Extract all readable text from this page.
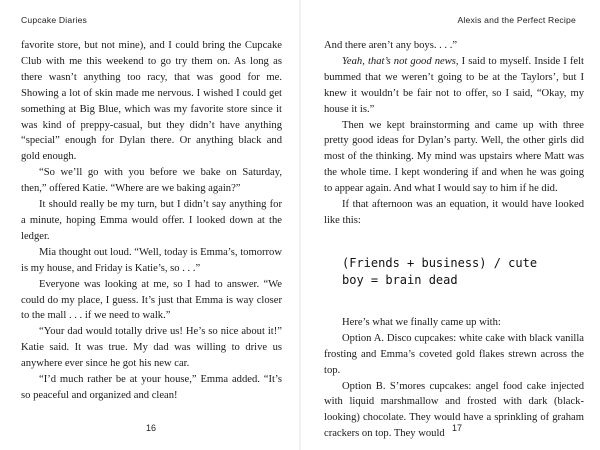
Cupcake Diaries

favorite store, but not mine), and I could bring the Cupcake Club with me this weekend to go try them on. As long as there wasn’t anything too racy, that was good for me. Showing a lot of skin made me nervous. I wished I could get something at Big Blue, which was my favorite store since it was kind of preppy-casual, but they didn’t have anything “special” enough for Dylan there. Or anything black and gold enough.

“So we’ll go with you before we bake on Saturday, then,” offered Katie. “Where are we baking again?”

It should really be my turn, but I didn’t say anything for a minute, hoping Emma would offer. I looked down at the ledger.

Mia thought out loud. “Well, today is Emma’s, tomorrow is my house, and Friday is Katie’s, so . . .”

Everyone was looking at me, so I had to answer. “We could do my place, I guess. It’s just that Emma is way closer to the mall . . . if we need to walk.”

“Your dad would totally drive us! He’s so nice about it!” Katie said. It was true. My dad was willing to drive us anywhere ever since he got his new car.

“I’d much rather be at your house,” Emma added. “It’s so peaceful and organized and clean!

16
Alexis and the Perfect Recipe

And there aren’t any boys. . . .”

Yeah, that’s not good news, I said to myself. Inside I felt bummed that we weren’t going to be at the Taylors’, but I knew it wouldn’t be fair not to offer, so I said, “Okay, my house it is.”

Then we kept brainstorming and came up with three pretty good ideas for Dylan’s party. Well, the other girls did most of the thinking. My mind was upstairs where Matt was the whole time. I kept wondering if and when he was going to appear again. And what I would say to him if he did.

If that afternoon was an equation, it would have looked like this:

(Friends + business) / cute
boy = brain dead

Here’s what we finally came up with:

Option A. Disco cupcakes: white cake with black vanilla frosting and Emma’s coveted gold flakes strewn across the top.

Option B. S’mores cupcakes: angel food cake injected with liquid marshmallow and frosted with dark (black-looking) chocolate. They would have a sprinkling of graham crackers on top. They would

17
